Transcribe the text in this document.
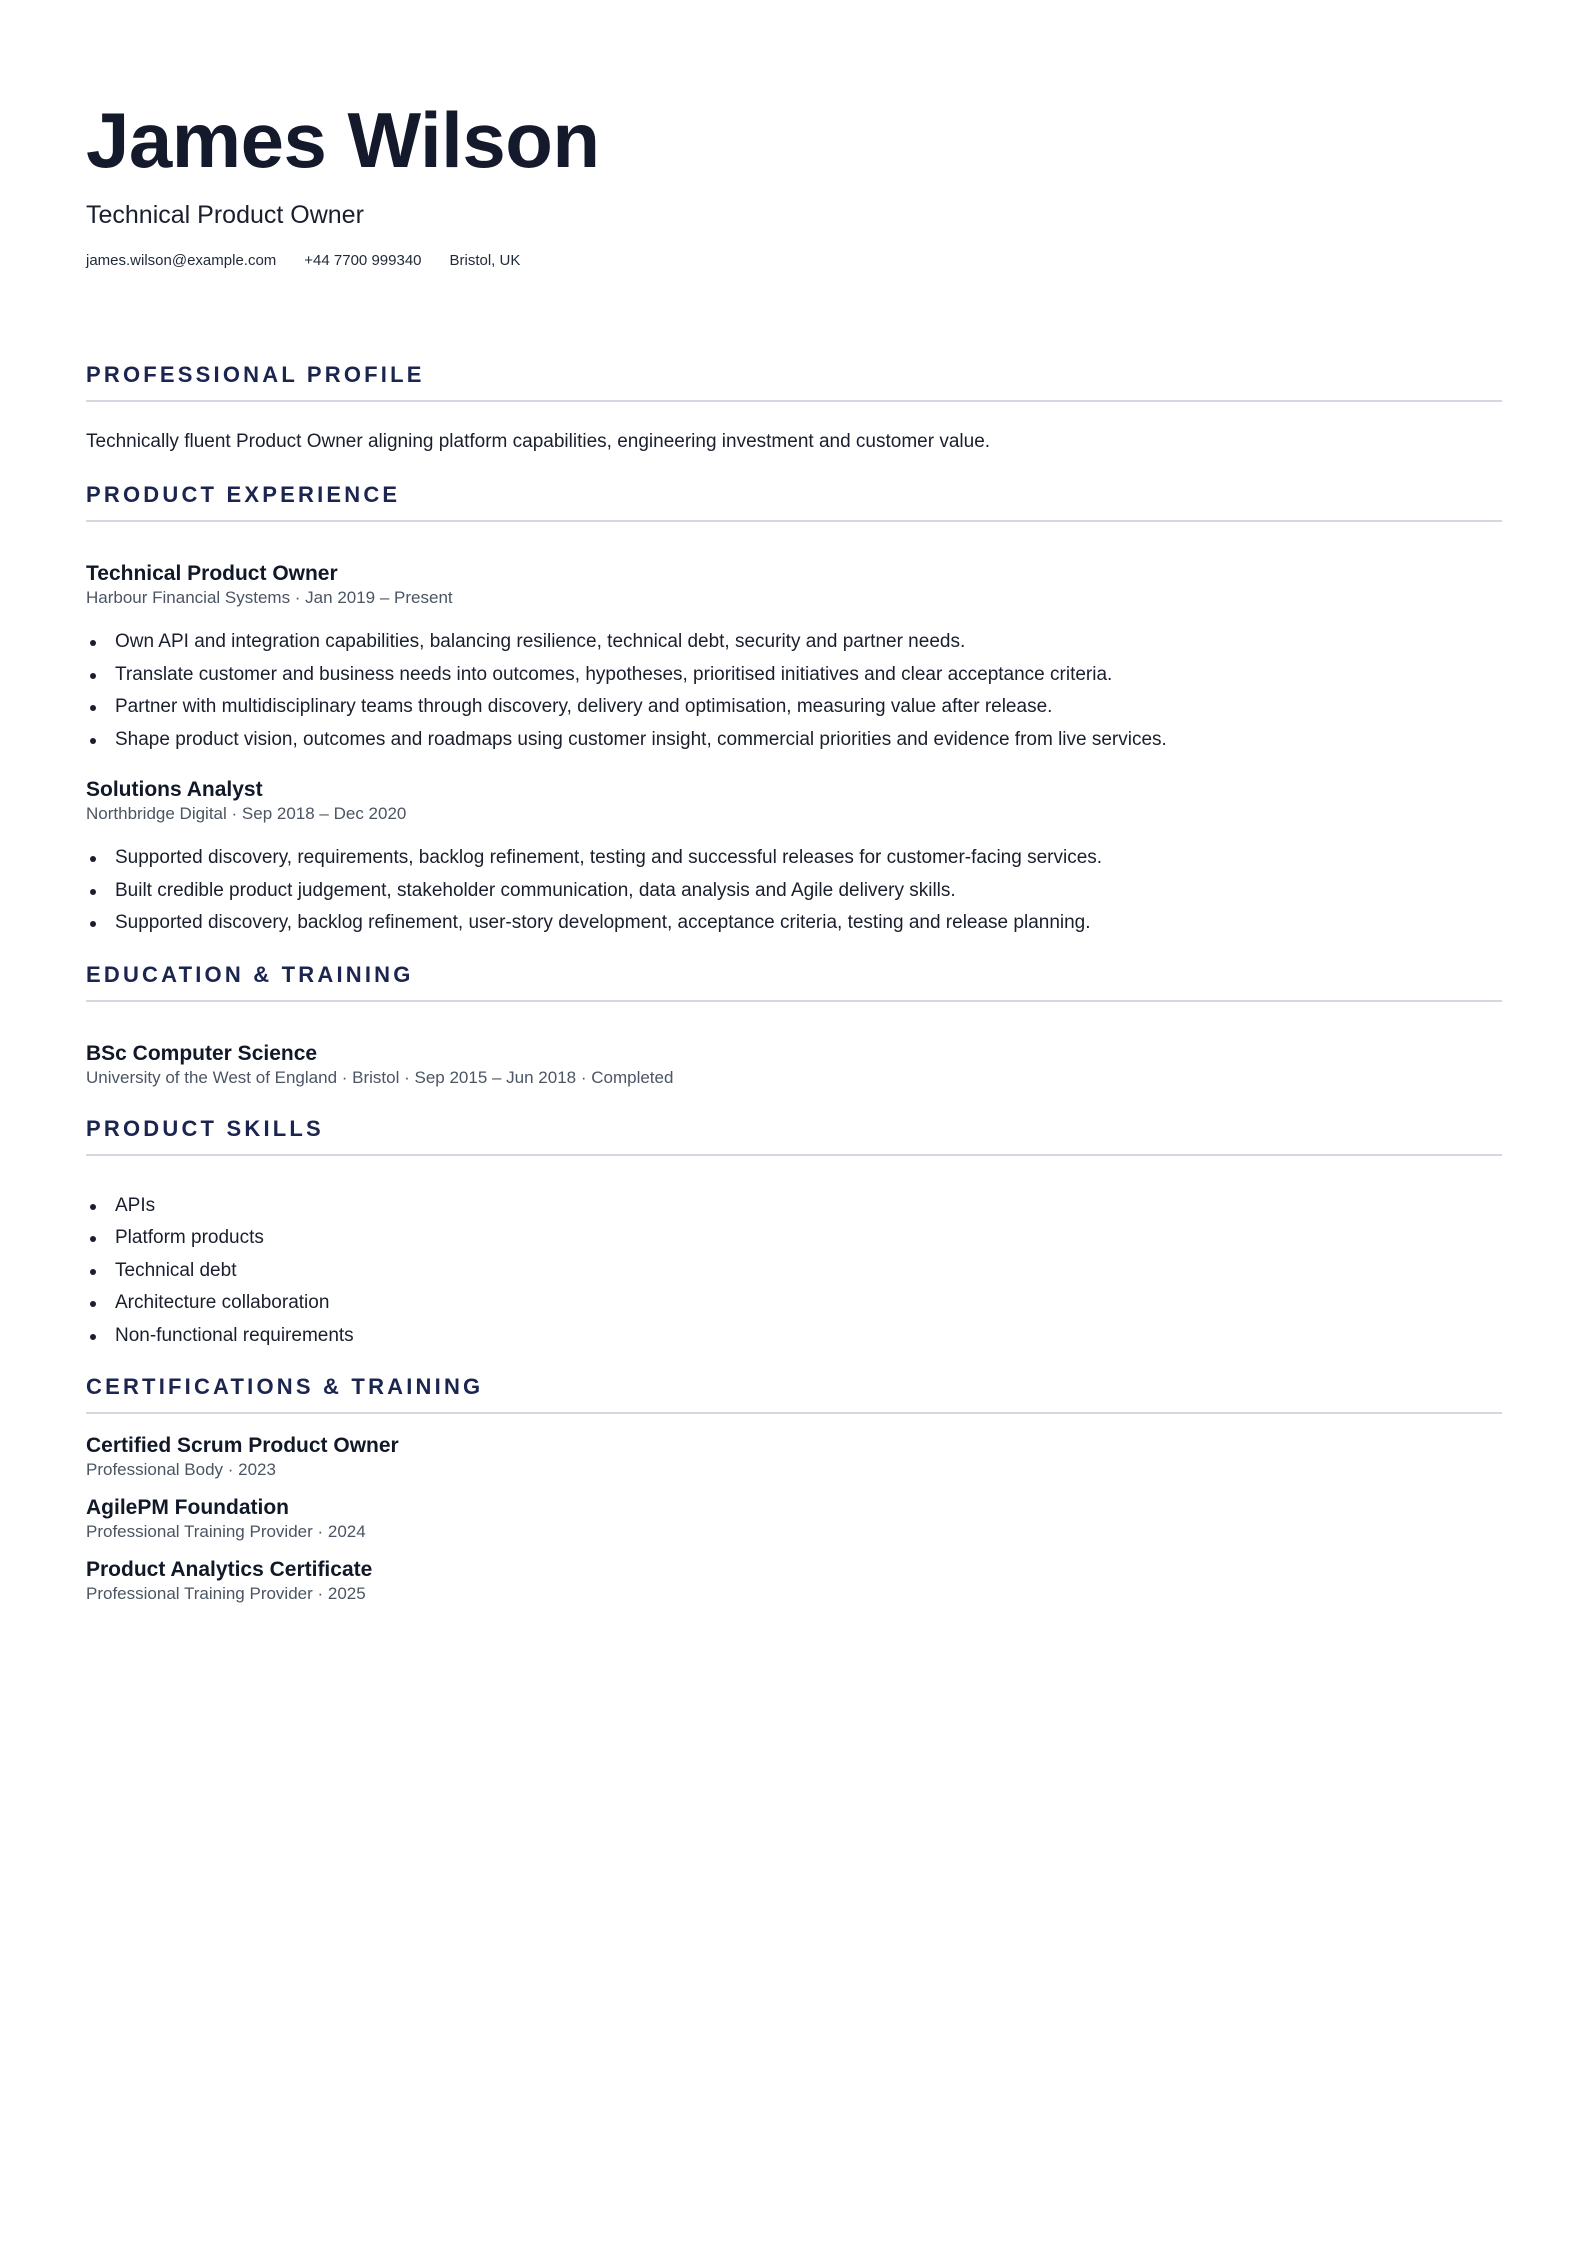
James Wilson
Technical Product Owner
james.wilson@example.com +44 7700 999340 Bristol, UK
PROFESSIONAL PROFILE
Technically fluent Product Owner aligning platform capabilities, engineering investment and customer value.
PRODUCT EXPERIENCE
Technical Product Owner
Harbour Financial Systems · Jan 2019 – Present
Own API and integration capabilities, balancing resilience, technical debt, security and partner needs.
Translate customer and business needs into outcomes, hypotheses, prioritised initiatives and clear acceptance criteria.
Partner with multidisciplinary teams through discovery, delivery and optimisation, measuring value after release.
Shape product vision, outcomes and roadmaps using customer insight, commercial priorities and evidence from live services.
Solutions Analyst
Northbridge Digital · Sep 2018 – Dec 2020
Supported discovery, requirements, backlog refinement, testing and successful releases for customer-facing services.
Built credible product judgement, stakeholder communication, data analysis and Agile delivery skills.
Supported discovery, backlog refinement, user-story development, acceptance criteria, testing and release planning.
EDUCATION & TRAINING
BSc Computer Science
University of the West of England · Bristol · Sep 2015 – Jun 2018 · Completed
PRODUCT SKILLS
APIs
Platform products
Technical debt
Architecture collaboration
Non-functional requirements
CERTIFICATIONS & TRAINING
Certified Scrum Product Owner
Professional Body · 2023
AgilePM Foundation
Professional Training Provider · 2024
Product Analytics Certificate
Professional Training Provider · 2025
